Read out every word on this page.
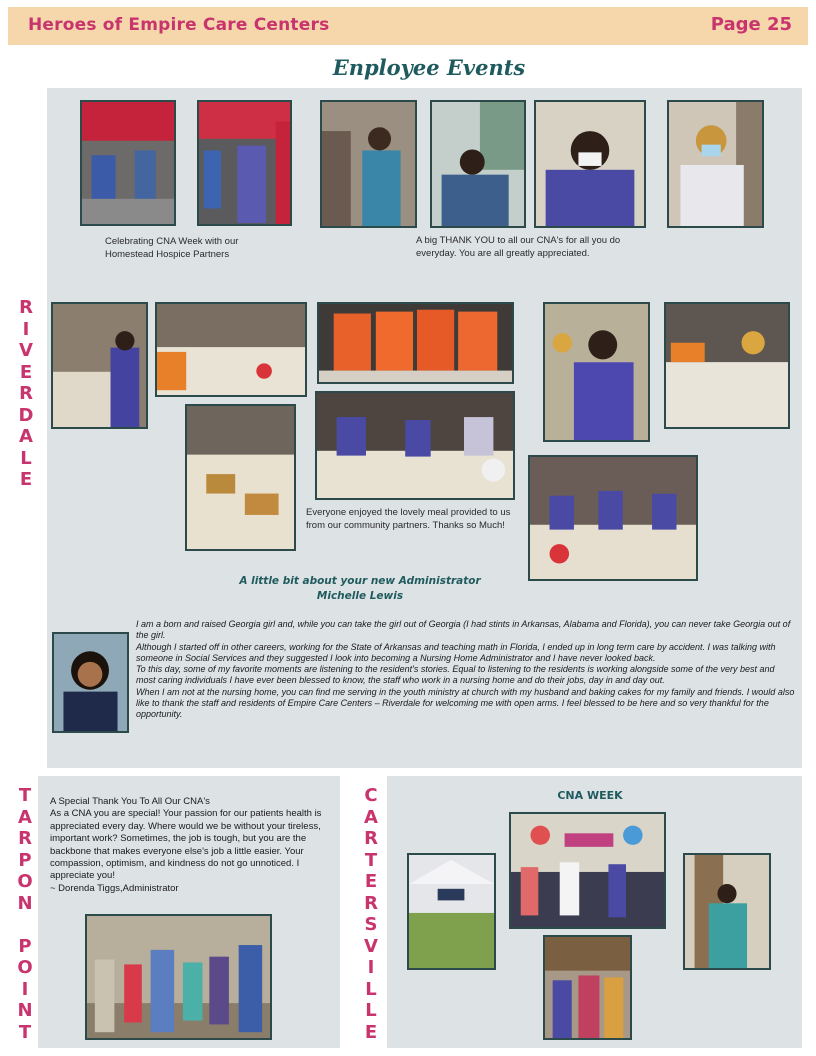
Heroes of Empire Care Centers	Page 25
Enployee Events
R
I
V
E
R
D
A
L
E
Celebrating CNA Week with our Homestead Hospice Partners
A big THANK YOU to all our CNA's for all you do everyday. You are all greatly appreciated.
Everyone enjoyed the lovely meal provided to us from our community partners. Thanks so Much!
A little bit about your new Administrator
Michelle Lewis

I am a born and raised Georgia girl and, while you can take the girl out of Georgia (I had stints in Arkansas, Alabama and Florida), you can never take Georgia out of the girl.

Although I started off in other careers, working for the State of Arkansas and teaching math in Florida, I ended up in long term care by accident. I was talking with someone in Social Services and they suggested I look into becoming a Nursing Home Administrator and I have never looked back.

To this day, some of my favorite moments are listening to the resident's stories. Equal to listening to the residents is working alongside some of the very best and most caring individuals I have ever been blessed to know, the staff who work in a nursing home and do their jobs, day in and day out.

When I am not at the nursing home, you can find me serving in the youth ministry at church with my husband and baking cakes for my family and friends. I would also like to thank the staff and residents of Empire Care Centers – Riverdale for welcoming me with open arms. I feel blessed to be here and so very thankful for the opportunity.

T
A
R
P
O
N

P
O
I
N
T

A Special Thank You To All Our CNA's

As a CNA you are special! Your passion for our patients health is appreciated every day. Where would we be without your tireless, important work? Sometimes, the job is tough, but you are the backbone that makes everyone else's job a little easier. Your compassion, optimism, and kindness do not go unnoticed. I appreciate you!

~ Dorenda Tiggs,Administrator

C
A
R
T
E
R
S
V
I
L
L
E
CNA WEEK
